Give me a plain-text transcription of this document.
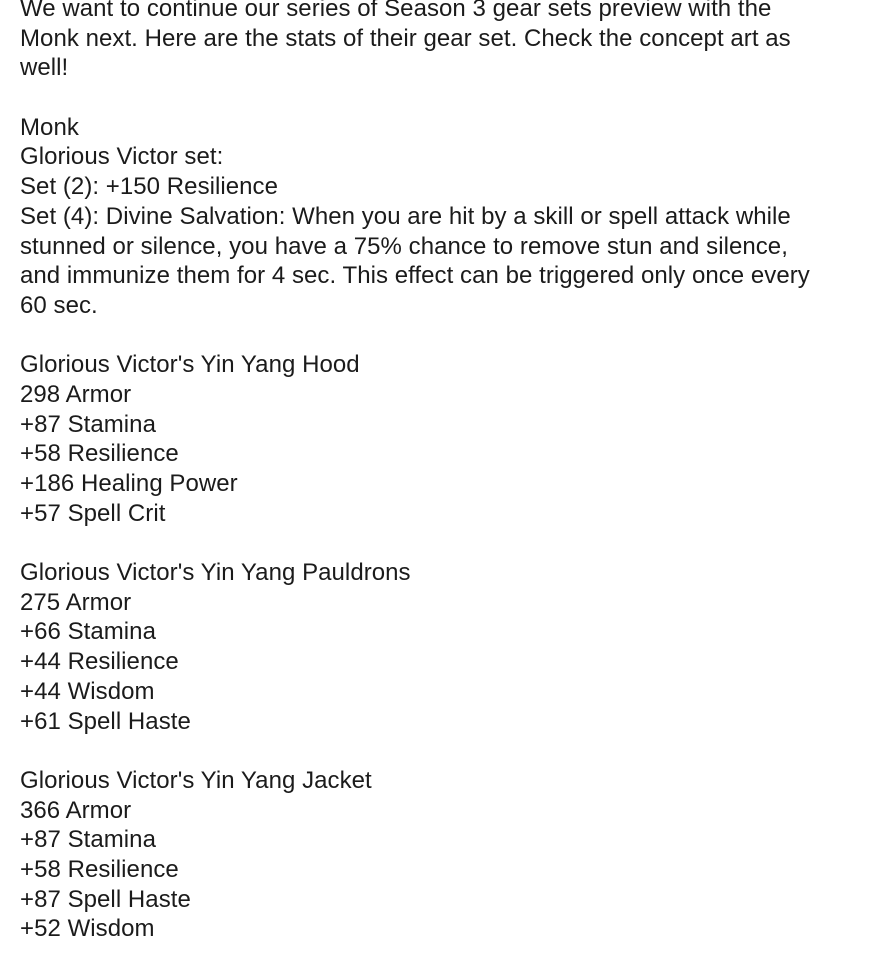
We want to continue our series of Season 3 gear sets preview with the
Monk next. Here are the stats of their gear set. Check the concept art as
well!
Monk
Glorious Victor set:
Set (2): +150 Resilience
Set (4): Divine Salvation: When you are hit by a skill or spell attack while
stunned or silence, you have a 75% chance to remove stun and silence,
and immunize them for 4 sec. This effect can be triggered only once every
60 sec.
Glorious Victor's Yin Yang Hood
298 Armor
+87 Stamina
+58 Resilience
+186 Healing Power
+57 Spell Crit
Glorious Victor's Yin Yang Pauldrons
275 Armor
+66 Stamina
+44 Resilience
+44 Wisdom
+61 Spell Haste
Glorious Victor's Yin Yang Jacket
366 Armor
+87 Stamina
+58 Resilience
+87 Spell Haste
+52 Wisdom
